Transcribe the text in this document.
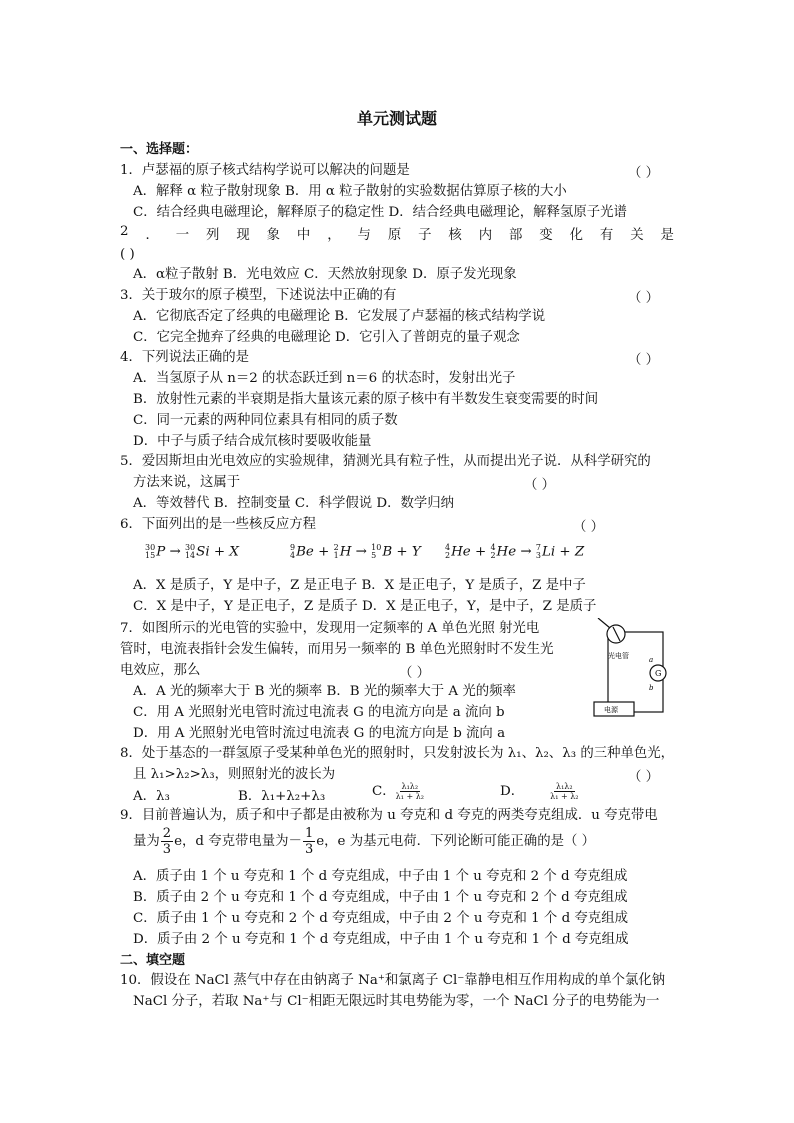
单元测试题
一、选择题：
1．卢瑟福的原子核式结构学说可以解决的问题是	（ ）
A．解释 α 粒子散射现象 B．用 α 粒子散射的实验数据估算原子核的大小
C．结合经典电磁理论，解释原子的稳定性 D．结合经典电磁理论，解释氢原子光谱
2 ． 一 列 现 象 中 ， 与 原 子 核 内 部 变 化 有 关 是
( )
A．α粒子散射 B．光电效应 C．天然放射现象 D．原子发光现象
3．关于玻尔的原子模型，下述说法中正确的有	（ ）
A．它彻底否定了经典的电磁理论 B．它发展了卢瑟福的核式结构学说
C．它完全抛弃了经典的电磁理论 D．它引入了普朗克的量子观念
4．下列说法正确的是	（ ）
A．当氢原子从 n＝2 的状态跃迁到 n＝6 的状态时，发射出光子
B．放射性元素的半衰期是指大量该元素的原子核中有半数发生衰变需要的时间
C．同一元素的两种同位素具有相同的质子数
D．中子与质子结合成氘核时要吸收能量
5．爱因斯坦由光电效应的实验规律，猜测光具有粒子性，从而提出光子说．从科学研究的
方法来说，这属于	（ ）
A．等效替代 B．控制变量 C．科学假说 D．数学归纳
6．下面列出的是一些核反应方程	（ ）
30
15 P → 30
14 Si + X	9
4 Be + 2
1 H → 10
5 B + Y	4
2 He + 4
2 He → 7
3 Li + Z
A．X 是质子，Y 是中子，Z 是正电子 B．X 是正电子，Y 是质子，Z 是中子
C．X 是中子，Y 是正电子，Z 是质子 D．X 是正电子，Y，是中子，Z 是质子
7．如图所示的光电管的实验中，发现用一定频率的 A 单色光照 射光电
管时，电流表指针会发生偏转，而用另一频率的 B 单色光照射时不发生光
电效应，那么	（ ）
A．A 光的频率大于 B 光的频率 B．B 光的频率大于 A 光的频率
C．用 A 光照射光电管时流过电流表 G 的电流方向是 a 流向 b
D．用 A 光照射光电管时流过电流表 G 的电流方向是 b 流向 a
光电管
G
a
b
电源
8．处于基态的一群氢原子受某种单色光的照射时，只发射波长为 λ₁、λ₂、λ₃ 的三种单色光，
且 λ₁>λ₂>λ₃，则照射光的波长为	（ ）
A．λ₃	B．λ₁+λ₂+λ₃	C． $\frac{\text{λ₁λ₂}}{\text{λ₁ + λ₂}}$	D．	$\frac{\text{λ₁λ₂}}{\text{λ₁ + λ₂}}$
9．目前普遍认为，质子和中子都是由被称为 u 夸克和 d 夸克的两类夸克组成．u 夸克带电
量为 $\frac{2}{3}$ e，d 夸克带电量为－ $\frac{1}{3}$ e，e 为基元电荷．下列论断可能正确的是（ ）
A．质子由 1 个 u 夸克和 1 个 d 夸克组成，中子由 1 个 u 夸克和 2 个 d 夸克组成
B．质子由 2 个 u 夸克和 1 个 d 夸克组成，中子由 1 个 u 夸克和 2 个 d 夸克组成
C．质子由 1 个 u 夸克和 2 个 d 夸克组成，中子由 2 个 u 夸克和 1 个 d 夸克组成
D．质子由 2 个 u 夸克和 1 个 d 夸克组成，中子由 1 个 u 夸克和 1 个 d 夸克组成
二、填空题
10．假设在 NaCl 蒸气中存在由钠离子 Na⁺和氯离子 Cl⁻靠静电相互作用构成的单个氯化钠
NaCl 分子，若取 Na⁺与 Cl⁻相距无限远时其电势能为零，一个 NaCl 分子的电势能为一
